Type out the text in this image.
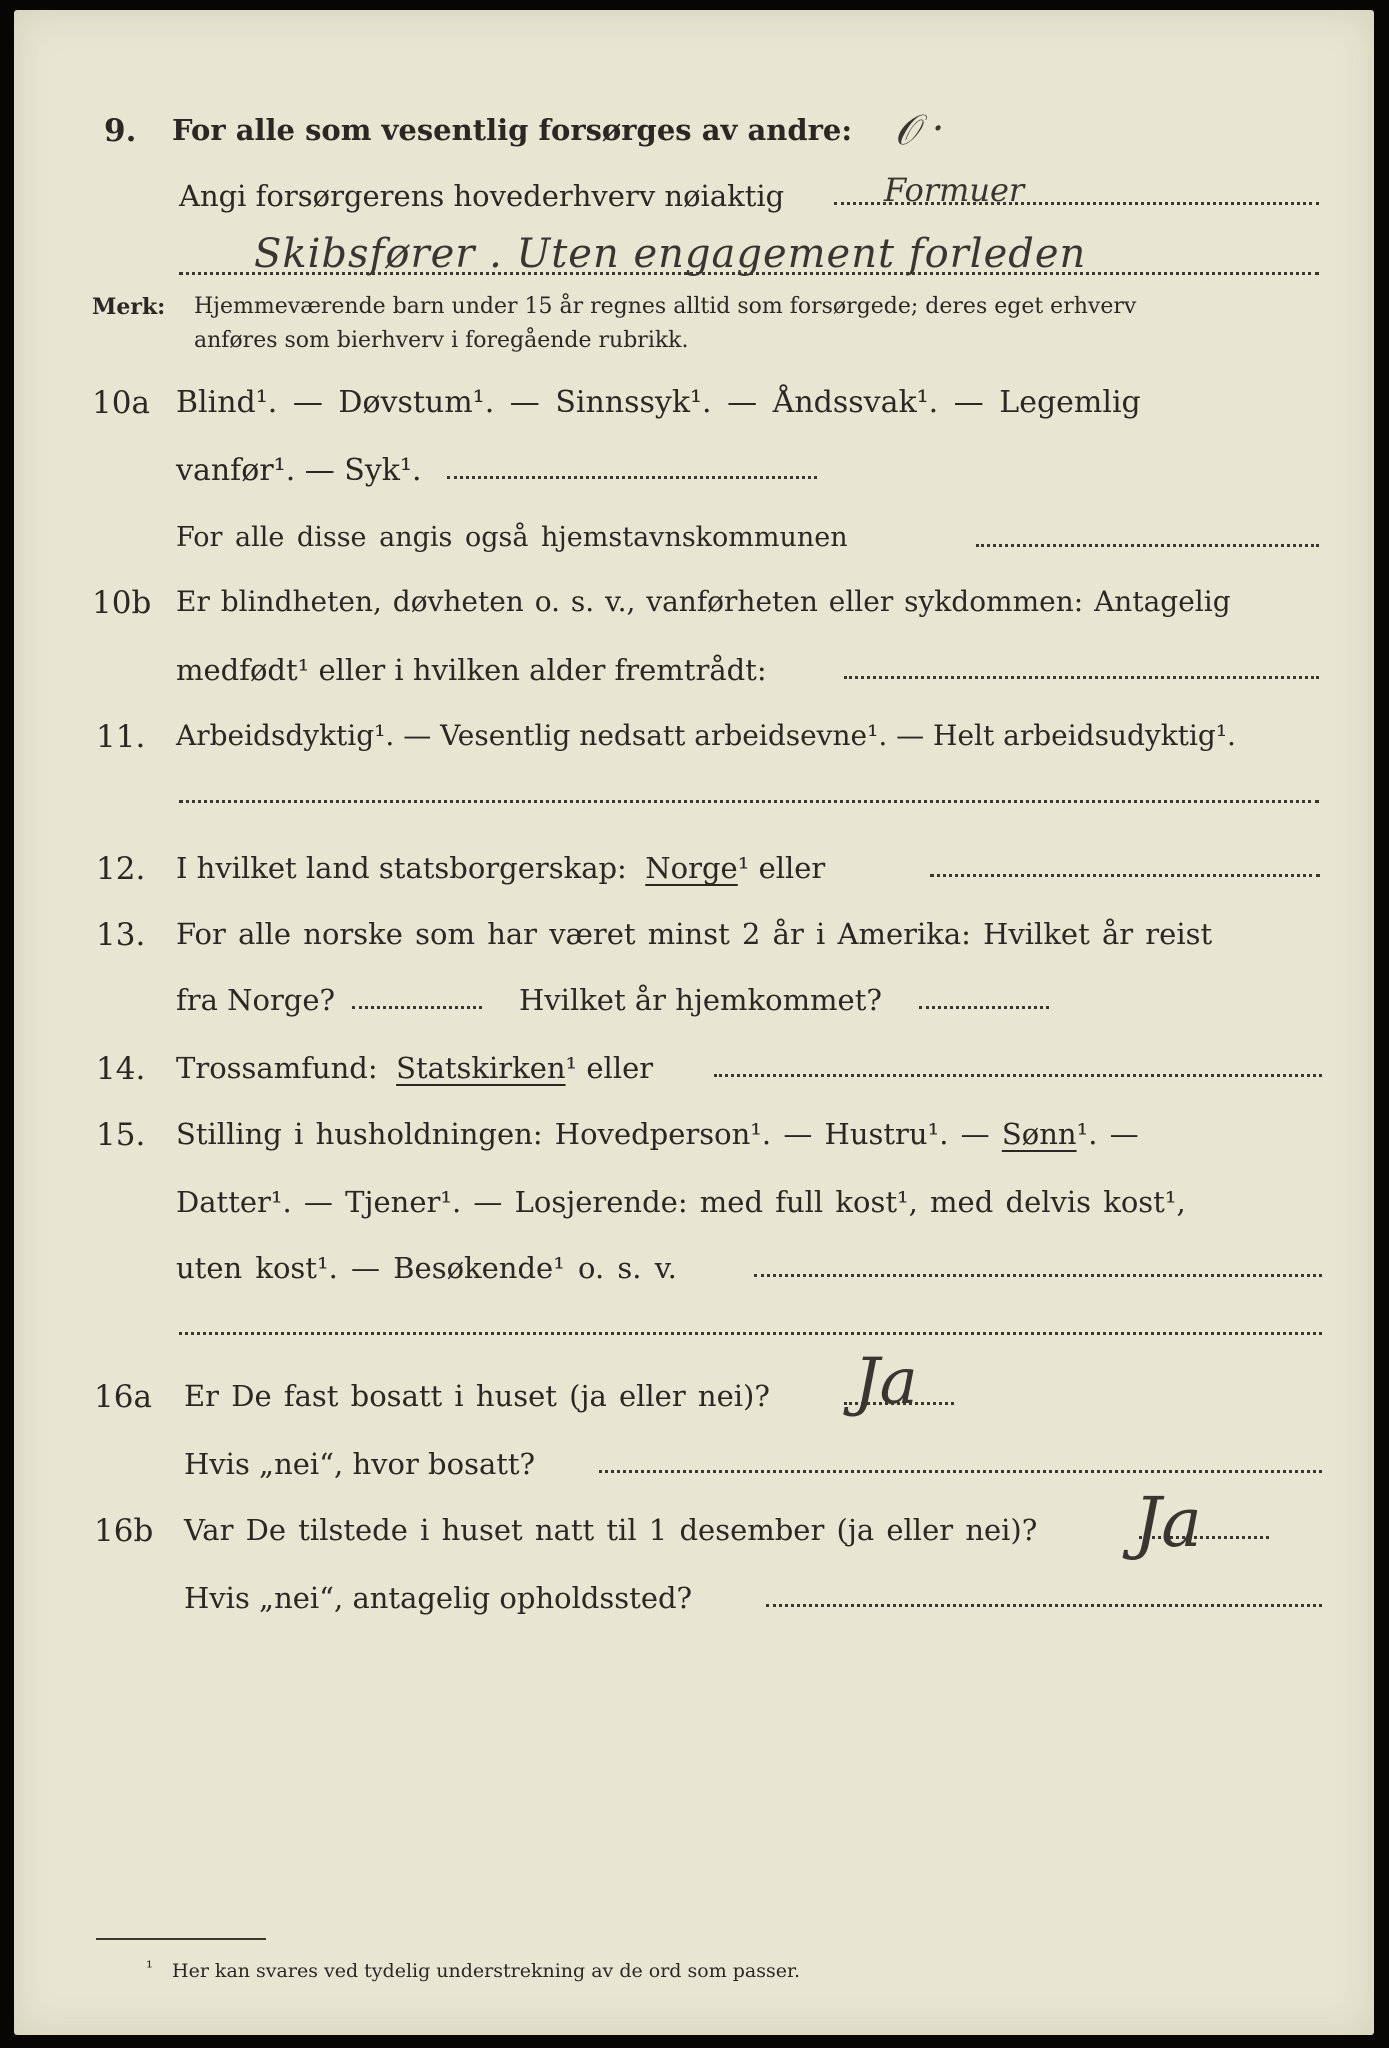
9. For alle som vesentlig forsørges av andre: 𝒪 ·
Angi forsørgerens hovederhverv nøiaktig	Formuer
Skibsfører . Uten engagement forleden
Merk: Hjemmeværende barn under 15 år regnes alltid som forsørgede; deres eget erhverv
anføres som bierhverv i foregående rubrikk.
10a Blind¹. — Døvstum¹. — Sinnssyk¹. — Åndssvak¹. — Legemlig
vanfør¹. — Syk¹.
For alle disse angis også hjemstavnskommunen
10b Er blindheten, døvheten o. s. v., vanførheten eller sykdommen: Antagelig
medfødt¹ eller i hvilken alder fremtrådt:
11. Arbeidsdyktig¹. — Vesentlig nedsatt arbeidsevne¹. — Helt arbeidsudyktig¹.
12. I hvilket land statsborgerskap: Norge¹ eller
13. For alle norske som har været minst 2 år i Amerika: Hvilket år reist
fra Norge?	Hvilket år hjemkommet?
14. Trossamfund: Statskirken¹ eller
15. Stilling i husholdningen: Hovedperson¹. — Hustru¹. — Sønn¹. —
Datter¹. — Tjener¹. — Losjerende: med full kost¹, med delvis kost¹,
uten kost¹. — Besøkende¹ o. s. v.
16a Er De fast bosatt i huset (ja eller nei)? Ja
Hvis „nei“, hvor bosatt?
16b Var De tilstede i huset natt til 1 desember (ja eller nei)? Ja
Hvis „nei“, antagelig opholdssted?
¹ Her kan svares ved tydelig understrekning av de ord som passer.
